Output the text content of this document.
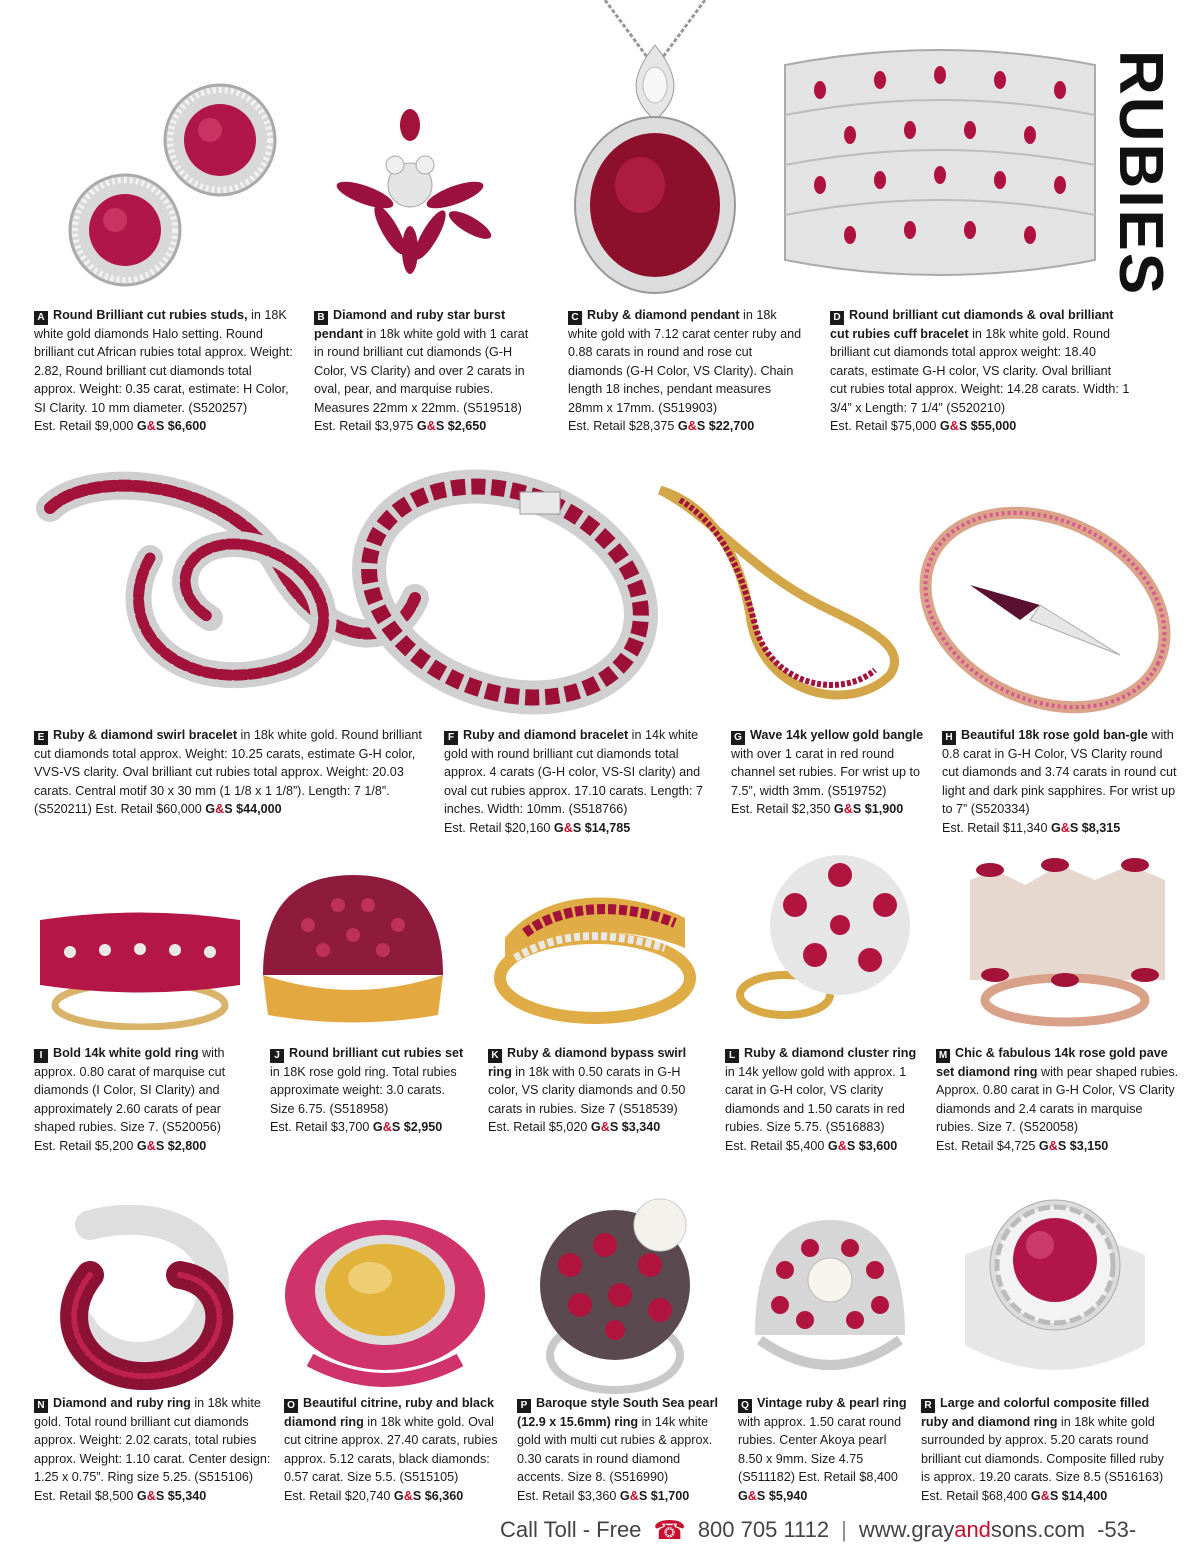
RUBIES
A Round Brilliant cut rubies studs, in 18K white gold diamonds Halo setting. Round brilliant cut African rubies total approx. Weight: 2.82, Round brilliant cut diamonds total approx. Weight: 0.35 carat, estimate: H Color, SI Clarity. 10 mm diameter. (S520257)
Est. Retail $9,000 G&S $6,600
B Diamond and ruby star burst pendant in 18k white gold with 1 carat in round brilliant cut diamonds (G-H Color, VS Clarity) and over 2 carats in oval, pear, and marquise rubies. Measures 22mm x 22mm. (S519518)
Est. Retail $3,975 G&S $2,650
C Ruby & diamond pendant in 18k white gold with 7.12 carat center ruby and 0.88 carats in round and rose cut diamonds (G-H Color, VS Clarity). Chain length 18 inches, pendant measures 28mm x 17mm. (S519903)
Est. Retail $28,375 G&S $22,700
D Round brilliant cut diamonds & oval brilliant cut rubies cuff bracelet in 18k white gold. Round brilliant cut diamonds total approx weight: 18.40 carats, estimate G-H color, VS clarity. Oval brilliant cut rubies total approx. Weight: 14.28 carats. Width: 1 3/4” x Length: 7 1/4” (S520210)
Est. Retail $75,000 G&S $55,000
E Ruby & diamond swirl bracelet in 18k white gold. Round brilliant cut diamonds total approx. Weight: 10.25 carats, estimate G-H color, VVS-VS clarity. Oval brilliant cut rubies total approx. Weight: 20.03 carats. Central motif 30 x 30 mm (1 1/8 x 1 1/8”). Length: 7 1/8”. (S520211) Est. Retail $60,000 G&S $44,000
F Ruby and diamond bracelet in 14k white gold with round brilliant cut diamonds total approx. 4 carats (G-H color, VS-SI clarity) and oval cut rubies approx. 17.10 carats. Length: 7 inches. Width: 10mm. (S518766)
Est. Retail $20,160 G&S $14,785
G Wave 14k yellow gold bangle with over 1 carat in red round channel set rubies. For wrist up to 7.5”, width 3mm. (S519752)
Est. Retail $2,350 G&S $1,900
H Beautiful 18k rose gold ban-gle with 0.8 carat in G-H Color, VS Clarity round cut diamonds and 3.74 carats in round cut light and dark pink sapphires. For wrist up to 7” (S520334)
Est. Retail $11,340 G&S $8,315
I Bold 14k white gold ring with approx. 0.80 carat of marquise cut diamonds (I Color, SI Clarity) and approximately 2.60 carats of pear shaped rubies. Size 7. (S520056)
Est. Retail $5,200 G&S $2,800
J Round brilliant cut rubies set in 18K rose gold ring. Total rubies approximate weight: 3.0 carats. Size 6.75. (S518958)
Est. Retail $3,700 G&S $2,950
K Ruby & diamond bypass swirl ring in 18k with 0.50 carats in G-H color, VS clarity diamonds and 0.50 carats in rubies. Size 7 (S518539)
Est. Retail $5,020 G&S $3,340
L Ruby & diamond cluster ring in 14k yellow gold with approx. 1 carat in G-H color, VS clarity diamonds and 1.50 carats in red rubies. Size 5.75. (S516883)
Est. Retail $5,400 G&S $3,600
M Chic & fabulous 14k rose gold pave set diamond ring with pear shaped rubies. Approx. 0.80 carat in G-H Color, VS Clarity diamonds and 2.4 carats in marquise rubies. Size 7. (S520058)
Est. Retail $4,725 G&S $3,150
N Diamond and ruby ring in 18k white gold. Total round brilliant cut diamonds approx. Weight: 2.02 carats, total rubies approx. Weight: 1.10 carat. Center design: 1.25 x 0.75”. Ring size 5.25. (S515106)
Est. Retail $8,500 G&S $5,340
O Beautiful citrine, ruby and black diamond ring in 18k white gold. Oval cut citrine approx. 27.40 carats, rubies approx. 5.12 carats, black diamonds: 0.57 carat. Size 5.5. (S515105)
Est. Retail $20,740 G&S $6,360
P Baroque style South Sea pearl (12.9 x 15.6mm) ring in 14k white gold with multi cut rubies & approx. 0.30 carats in round diamond accents. Size 8. (S516990)
Est. Retail $3,360 G&S $1,700
Q Vintage ruby & pearl ring with approx. 1.50 carat round rubies. Center Akoya pearl 8.50 x 9mm. Size 4.75 (S511182) Est. Retail $8,400 G&S $5,940
R Large and colorful composite filled ruby and diamond ring in 18k white gold surrounded by approx. 5.20 carats round brilliant cut diamonds. Composite filled ruby is approx. 19.20 carats. Size 8.5 (S516163)
Est. Retail $68,400 G&S $14,400
Call Toll - Free ☎ 800 705 1112 | www.grayandsons.com -53-
